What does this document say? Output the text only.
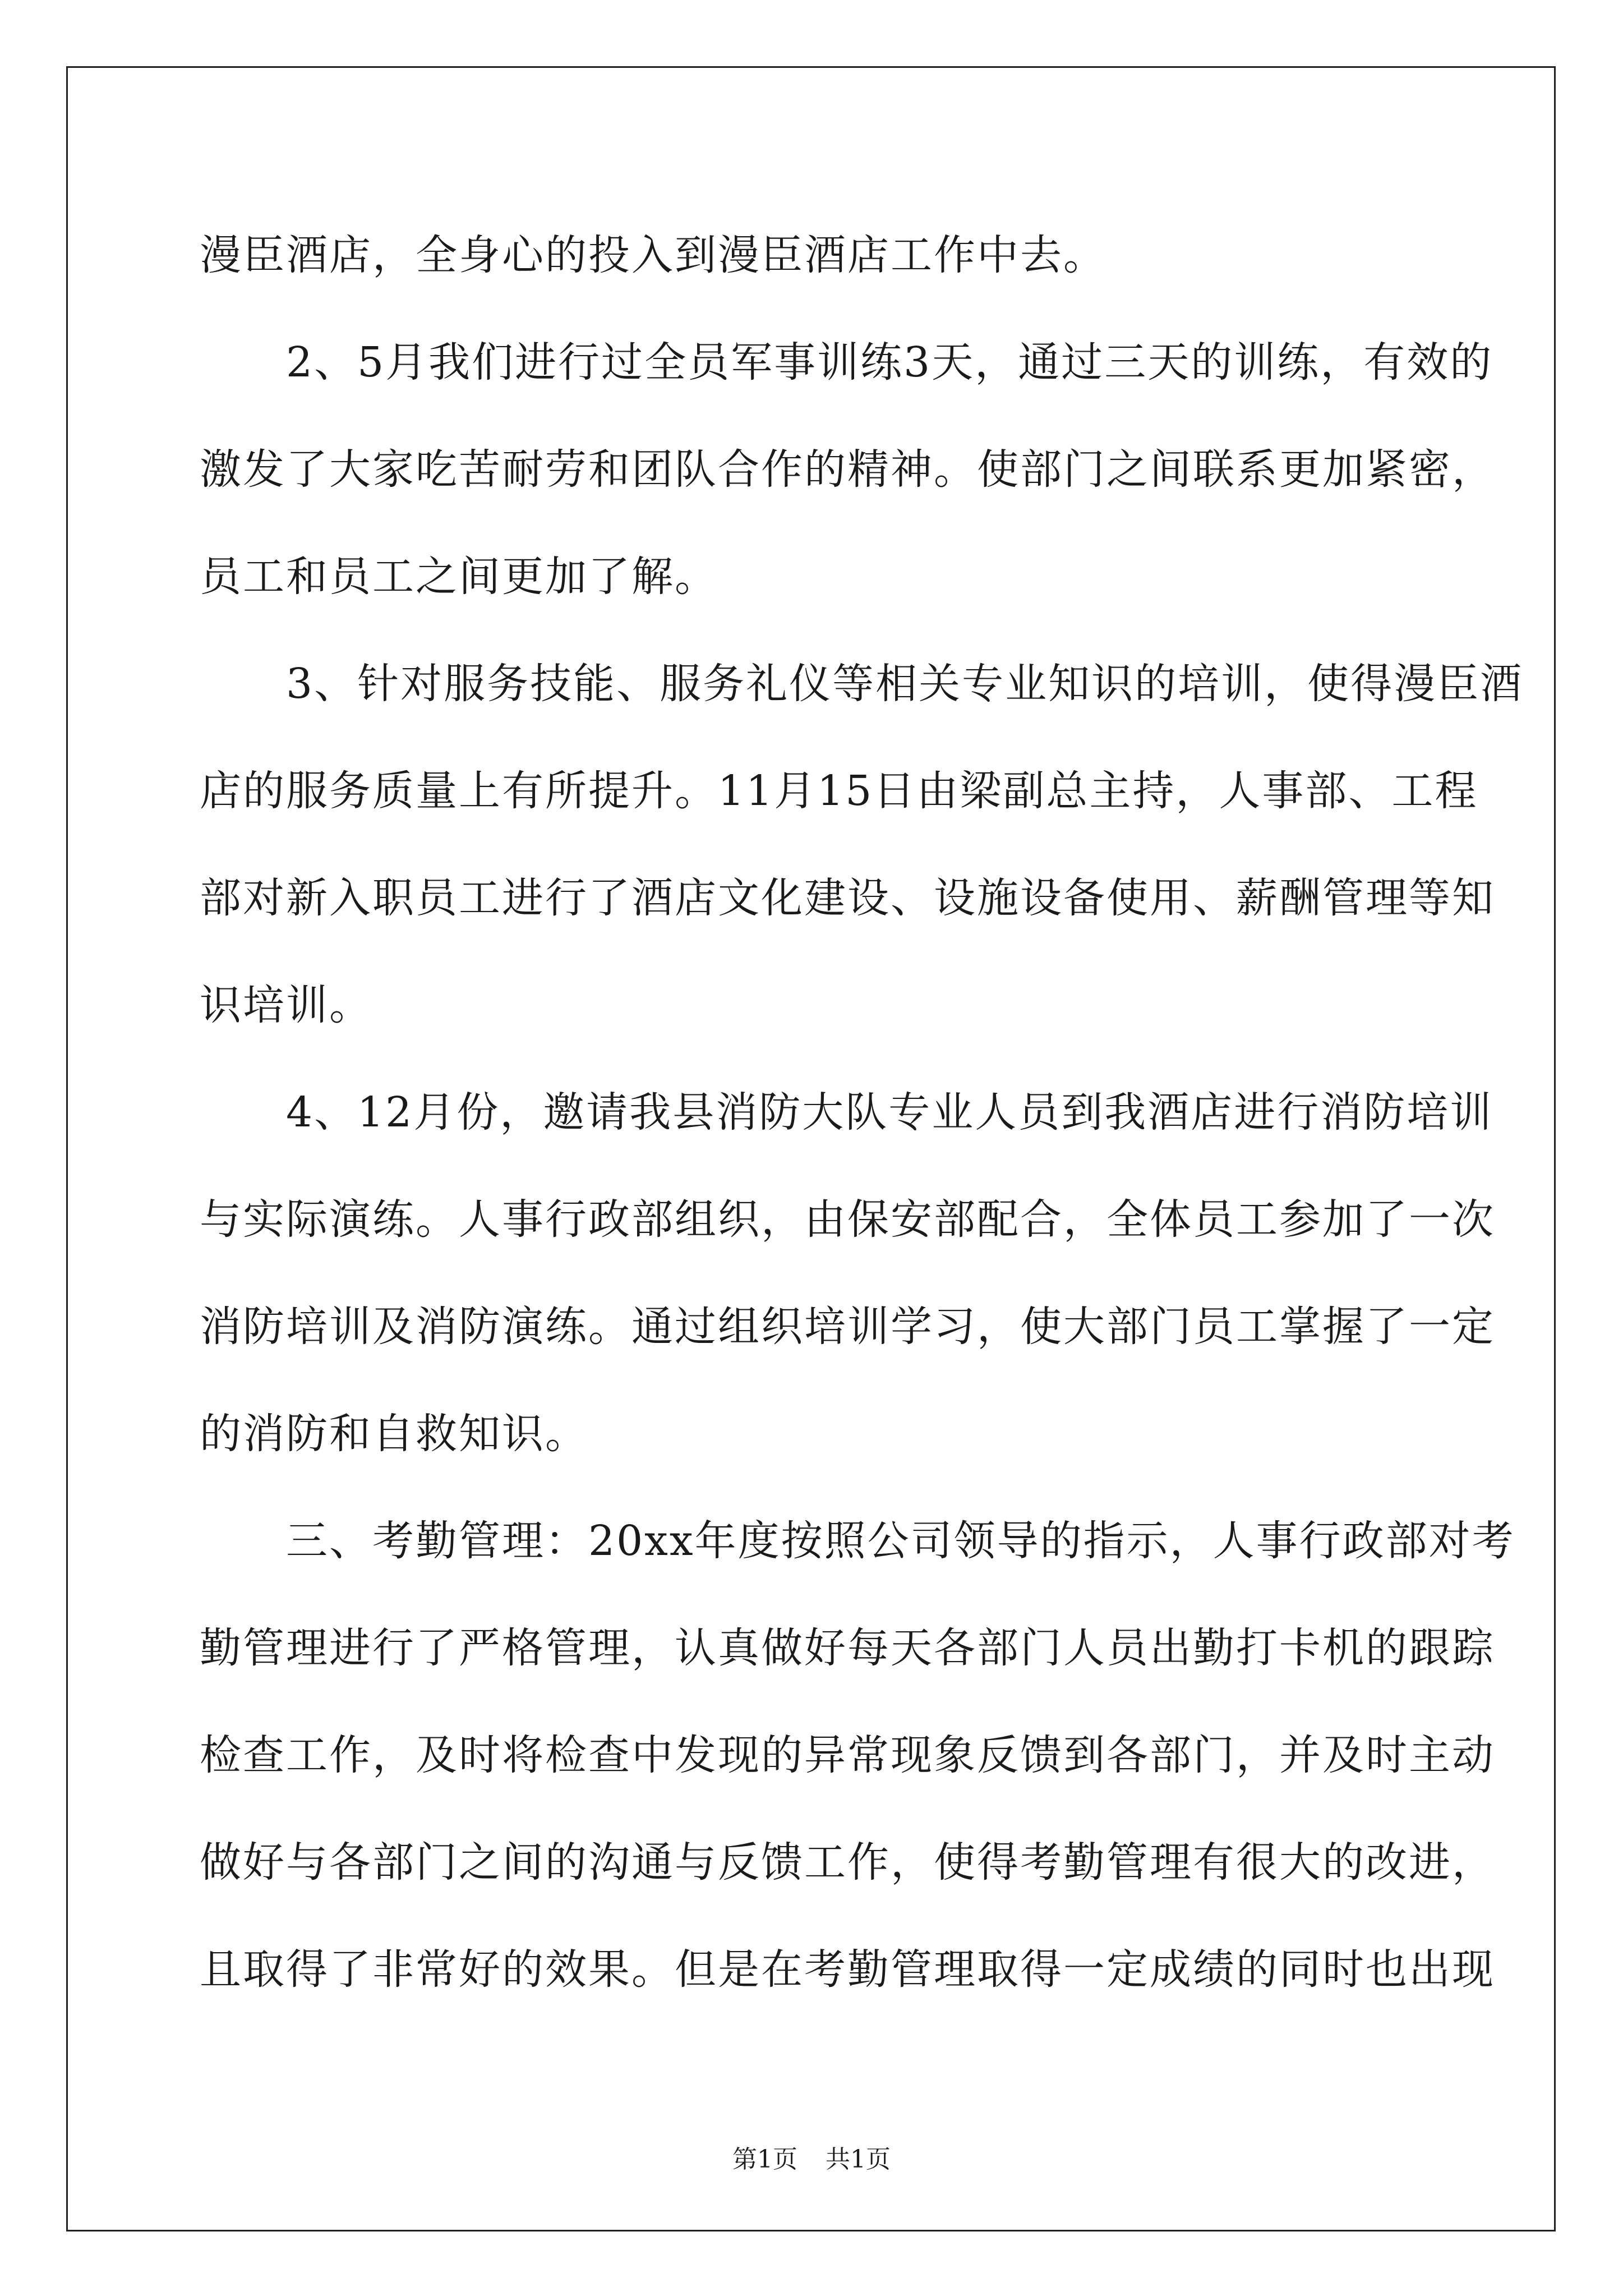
漫臣酒店，全身心的投入到漫臣酒店工作中去。
　　2、5月我们进行过全员军事训练3天，通过三天的训练，有效的
激发了大家吃苦耐劳和团队合作的精神。使部门之间联系更加紧密，
员工和员工之间更加了解。
　　3、针对服务技能、服务礼仪等相关专业知识的培训，使得漫臣酒
店的服务质量上有所提升。11月15日由梁副总主持，人事部、工程
部对新入职员工进行了酒店文化建设、设施设备使用、薪酬管理等知
识培训。
　　4、12月份，邀请我县消防大队专业人员到我酒店进行消防培训
与实际演练。人事行政部组织，由保安部配合，全体员工参加了一次
消防培训及消防演练。通过组织培训学习，使大部门员工掌握了一定
的消防和自救知识。
　　三、考勤管理：20xx年度按照公司领导的指示，人事行政部对考
勤管理进行了严格管理，认真做好每天各部门人员出勤打卡机的跟踪
检查工作，及时将检查中发现的异常现象反馈到各部门，并及时主动
做好与各部门之间的沟通与反馈工作，使得考勤管理有很大的改进，
且取得了非常好的效果。但是在考勤管理取得一定成绩的同时也出现
第1页 共1页
